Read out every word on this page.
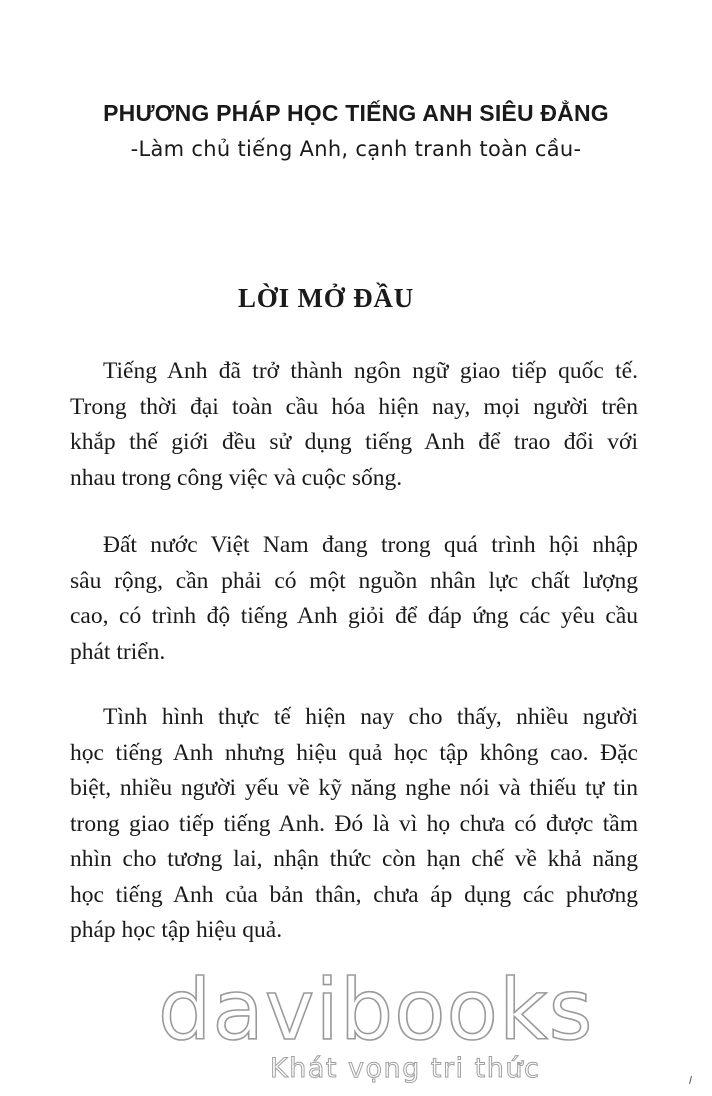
PHƯƠNG PHÁP HỌC TIẾNG ANH SIÊU ĐẲNG
-Làm chủ tiếng Anh, cạnh tranh toàn cầu-
LỜI MỞ ĐẦU
Tiếng Anh đã trở thành ngôn ngữ giao tiếp quốc tế.
Trong thời đại toàn cầu hóa hiện nay, mọi người trên
khắp thế giới đều sử dụng tiếng Anh để trao đổi với
nhau trong công việc và cuộc sống.
Đất nước Việt Nam đang trong quá trình hội nhập
sâu rộng, cần phải có một nguồn nhân lực chất lượng
cao, có trình độ tiếng Anh giỏi để đáp ứng các yêu cầu
phát triển.
Tình hình thực tế hiện nay cho thấy, nhiều người
học tiếng Anh nhưng hiệu quả học tập không cao. Đặc
biệt, nhiều người yếu về kỹ năng nghe nói và thiếu tự tin
trong giao tiếp tiếng Anh. Đó là vì họ chưa có được tầm
nhìn cho tương lai, nhận thức còn hạn chế về khả năng
học tiếng Anh của bản thân, chưa áp dụng các phương
pháp học tập hiệu quả.
davibooks
Khát vọng tri thức
